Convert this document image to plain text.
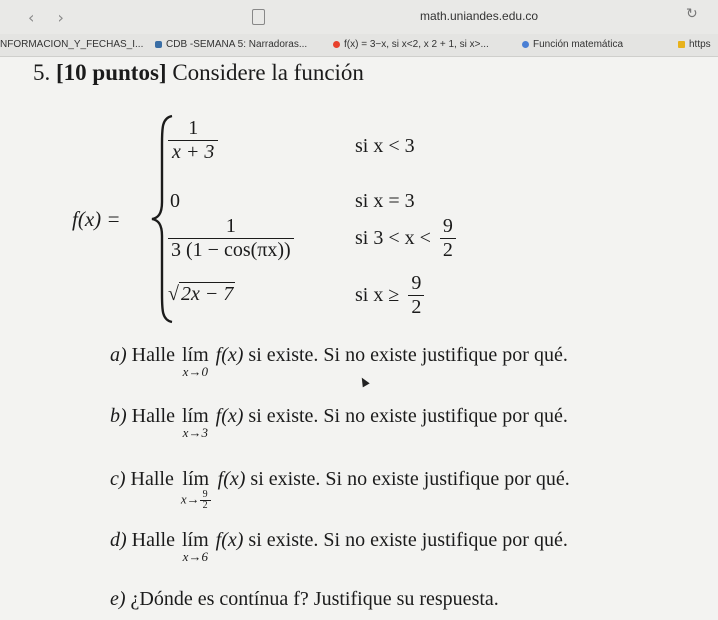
‹ ›	math.uniandes.edu.co	↻
NFORMACION_Y_FECHAS_I...	CDB -SEMANA 5: Narradoras...	f(x) = 3−x, si x<2, x 2 + 1, si x>...	Función matemática	https
5. [10 puntos] Considere la función
f(x) =
$\frac{1}{x + 3}$	si x < 3
0	si x = 3
$\frac{1}{3 (1 - \cos(\pi x))}$	si $3 < x < \frac{9}{2}$
√ 2x − 7	si $x \ge \frac{9}{2}$
a) Halle lím
x→0
f(x) si existe. Si no existe justifique por qué.
b) Halle lím
x→3
f(x) si existe. Si no existe justifique por qué.
c) Halle lím
$x\to \frac{9}{2}$
f(x) si existe. Si no existe justifique por qué.
d) Halle lím
x→6
f(x) si existe. Si no existe justifique por qué.
e) ¿Dónde es contínua f? Justifique su respuesta.
